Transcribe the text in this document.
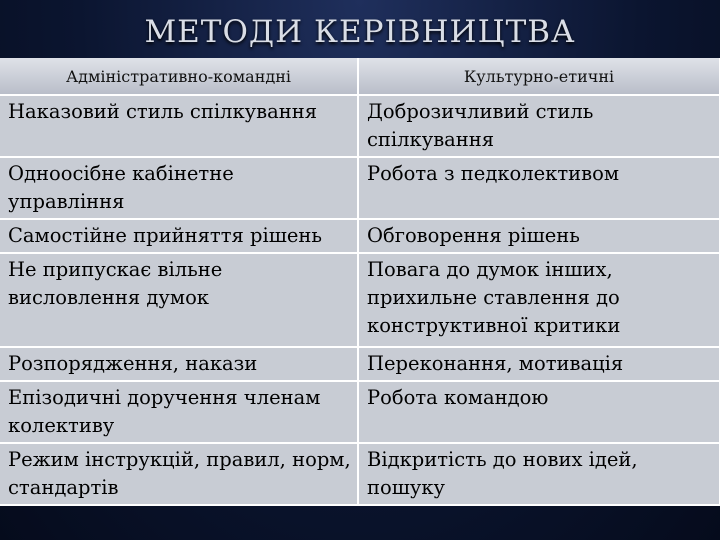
МЕТОДИ КЕРІВНИЦТВА
Адміністративно-командні	Культурно-етичні
Наказовий стиль спілкування	Доброзичливий стиль спілкування
Одноосібне кабінетне управління	Робота з педколективом
Самостійне прийняття рішень	Обговорення рішень
Не припускає вільне висловлення думок	Повага до думок інших, прихильне ставлення до конструктивної критики
Розпорядження, накази	Переконання, мотивація
Епізодичні доручення членам колективу	Робота командою
Режим інструкцій, правил, норм, стандартів	Відкритість до нових ідей, пошуку
